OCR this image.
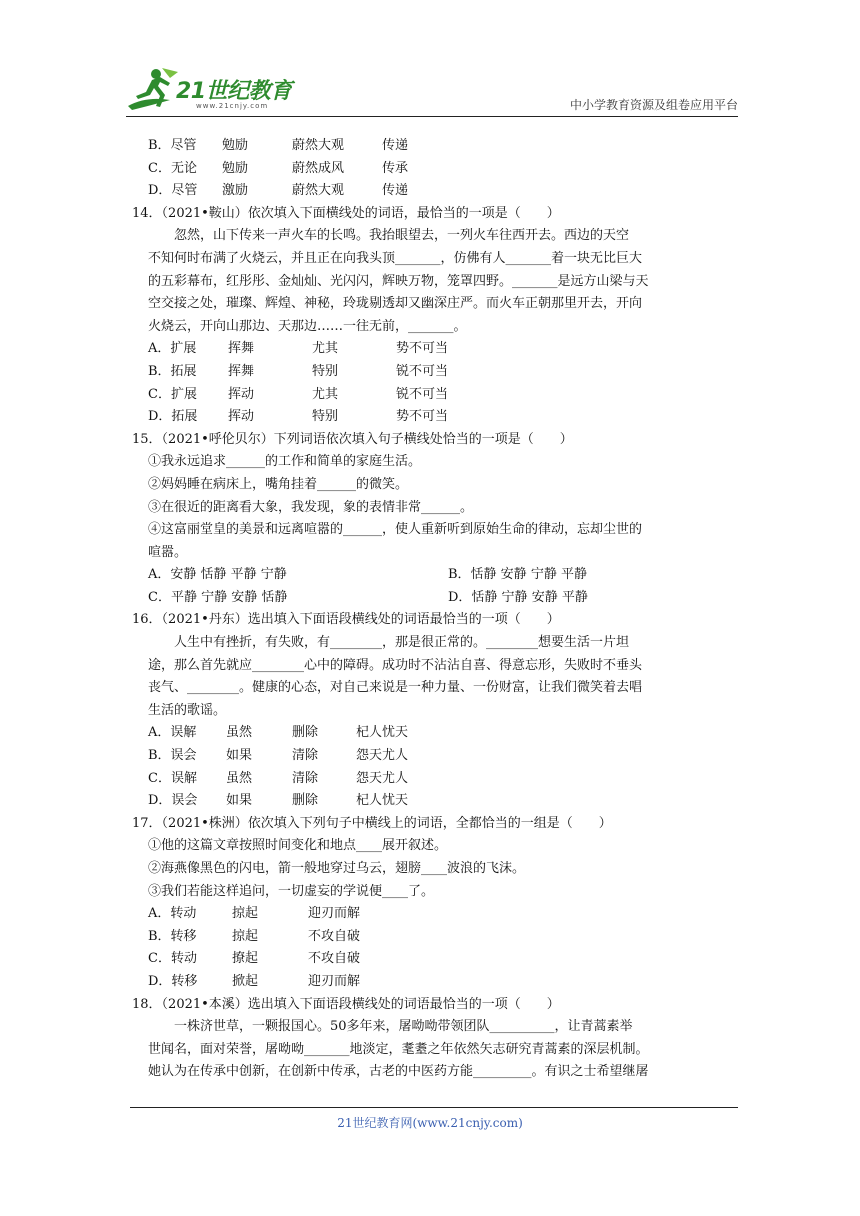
21世纪教育
www.21cnjy.com	中小学教育资源及组卷应用平台
B．尽管	勉励	蔚然大观	传递
C．无论	勉励	蔚然成风	传承
D．尽管	激励	蔚然大观	传递
14．（2021•鞍山）依次填入下面横线处的词语，最恰当的一项是（　　）
忽然，山下传来一声火车的长鸣。我抬眼望去，一列火车往西开去。西边的天空
不知何时布满了火烧云，并且正在向我头顶_______，仿佛有人_______着一块无比巨大
的五彩幕布，红彤彤、金灿灿、光闪闪，辉映万物，笼罩四野。_______是远方山梁与天
空交接之处，璀璨、辉煌、神秘，玲珑剔透却又幽深庄严。而火车正朝那里开去，开向
火烧云，开向山那边、天那边……一往无前，_______。
A．扩展	挥舞	尤其	势不可当
B．拓展	挥舞	特别	锐不可当
C．扩展	挥动	尤其	锐不可当
D．拓展	挥动	特别	势不可当
15．（2021•呼伦贝尔）下列词语依次填入句子横线处恰当的一项是（　　）
①我永远追求______的工作和简单的家庭生活。
②妈妈睡在病床上，嘴角挂着______的微笑。
③在很近的距离看大象，我发现，象的表情非常______。
④这富丽堂皇的美景和远离喧嚣的______，使人重新听到原始生命的律动，忘却尘世的
喧嚣。
A．安静 恬静 平静 宁静	B．恬静 安静 宁静 平静
C．平静 宁静 安静 恬静	D．恬静 宁静 安静 平静
16．（2021•丹东）选出填入下面语段横线处的词语最恰当的一项（　　）
人生中有挫折，有失败，有________，那是很正常的。________想要生活一片坦
途，那么首先就应________心中的障碍。成功时不沾沾自喜、得意忘形，失败时不垂头
丧气、________。健康的心态，对自己来说是一种力量、一份财富，让我们微笑着去唱
生活的歌谣。
A．误解	虽然	删除	杞人忧天
B．误会	如果	清除	怨天尤人
C．误解	虽然	清除	怨天尤人
D．误会	如果	删除	杞人忧天
17．（2021•株洲）依次填入下列句子中横线上的词语，全都恰当的一组是（　　）
①他的这篇文章按照时间变化和地点____展开叙述。
②海燕像黑色的闪电，箭一般地穿过乌云，翅膀____波浪的飞沫。
③我们若能这样追问，一切虚妄的学说便____了。
A．转动	掠起	迎刃而解
B．转移	掠起	不攻自破
C．转动	撩起	不攻自破
D．转移	掀起	迎刃而解
18．（2021•本溪）选出填入下面语段横线处的词语最恰当的一项（　　）
一株济世草，一颗报国心。50多年来，屠呦呦带领团队__________，让青蒿素举
世闻名，面对荣誉，屠呦呦_______地淡定，耄耋之年依然矢志研究青蒿素的深层机制。
她认为在传承中创新，在创新中传承，古老的中医药方能_________。有识之士希望继屠
21世纪教育网(www.21cnjy.com)
